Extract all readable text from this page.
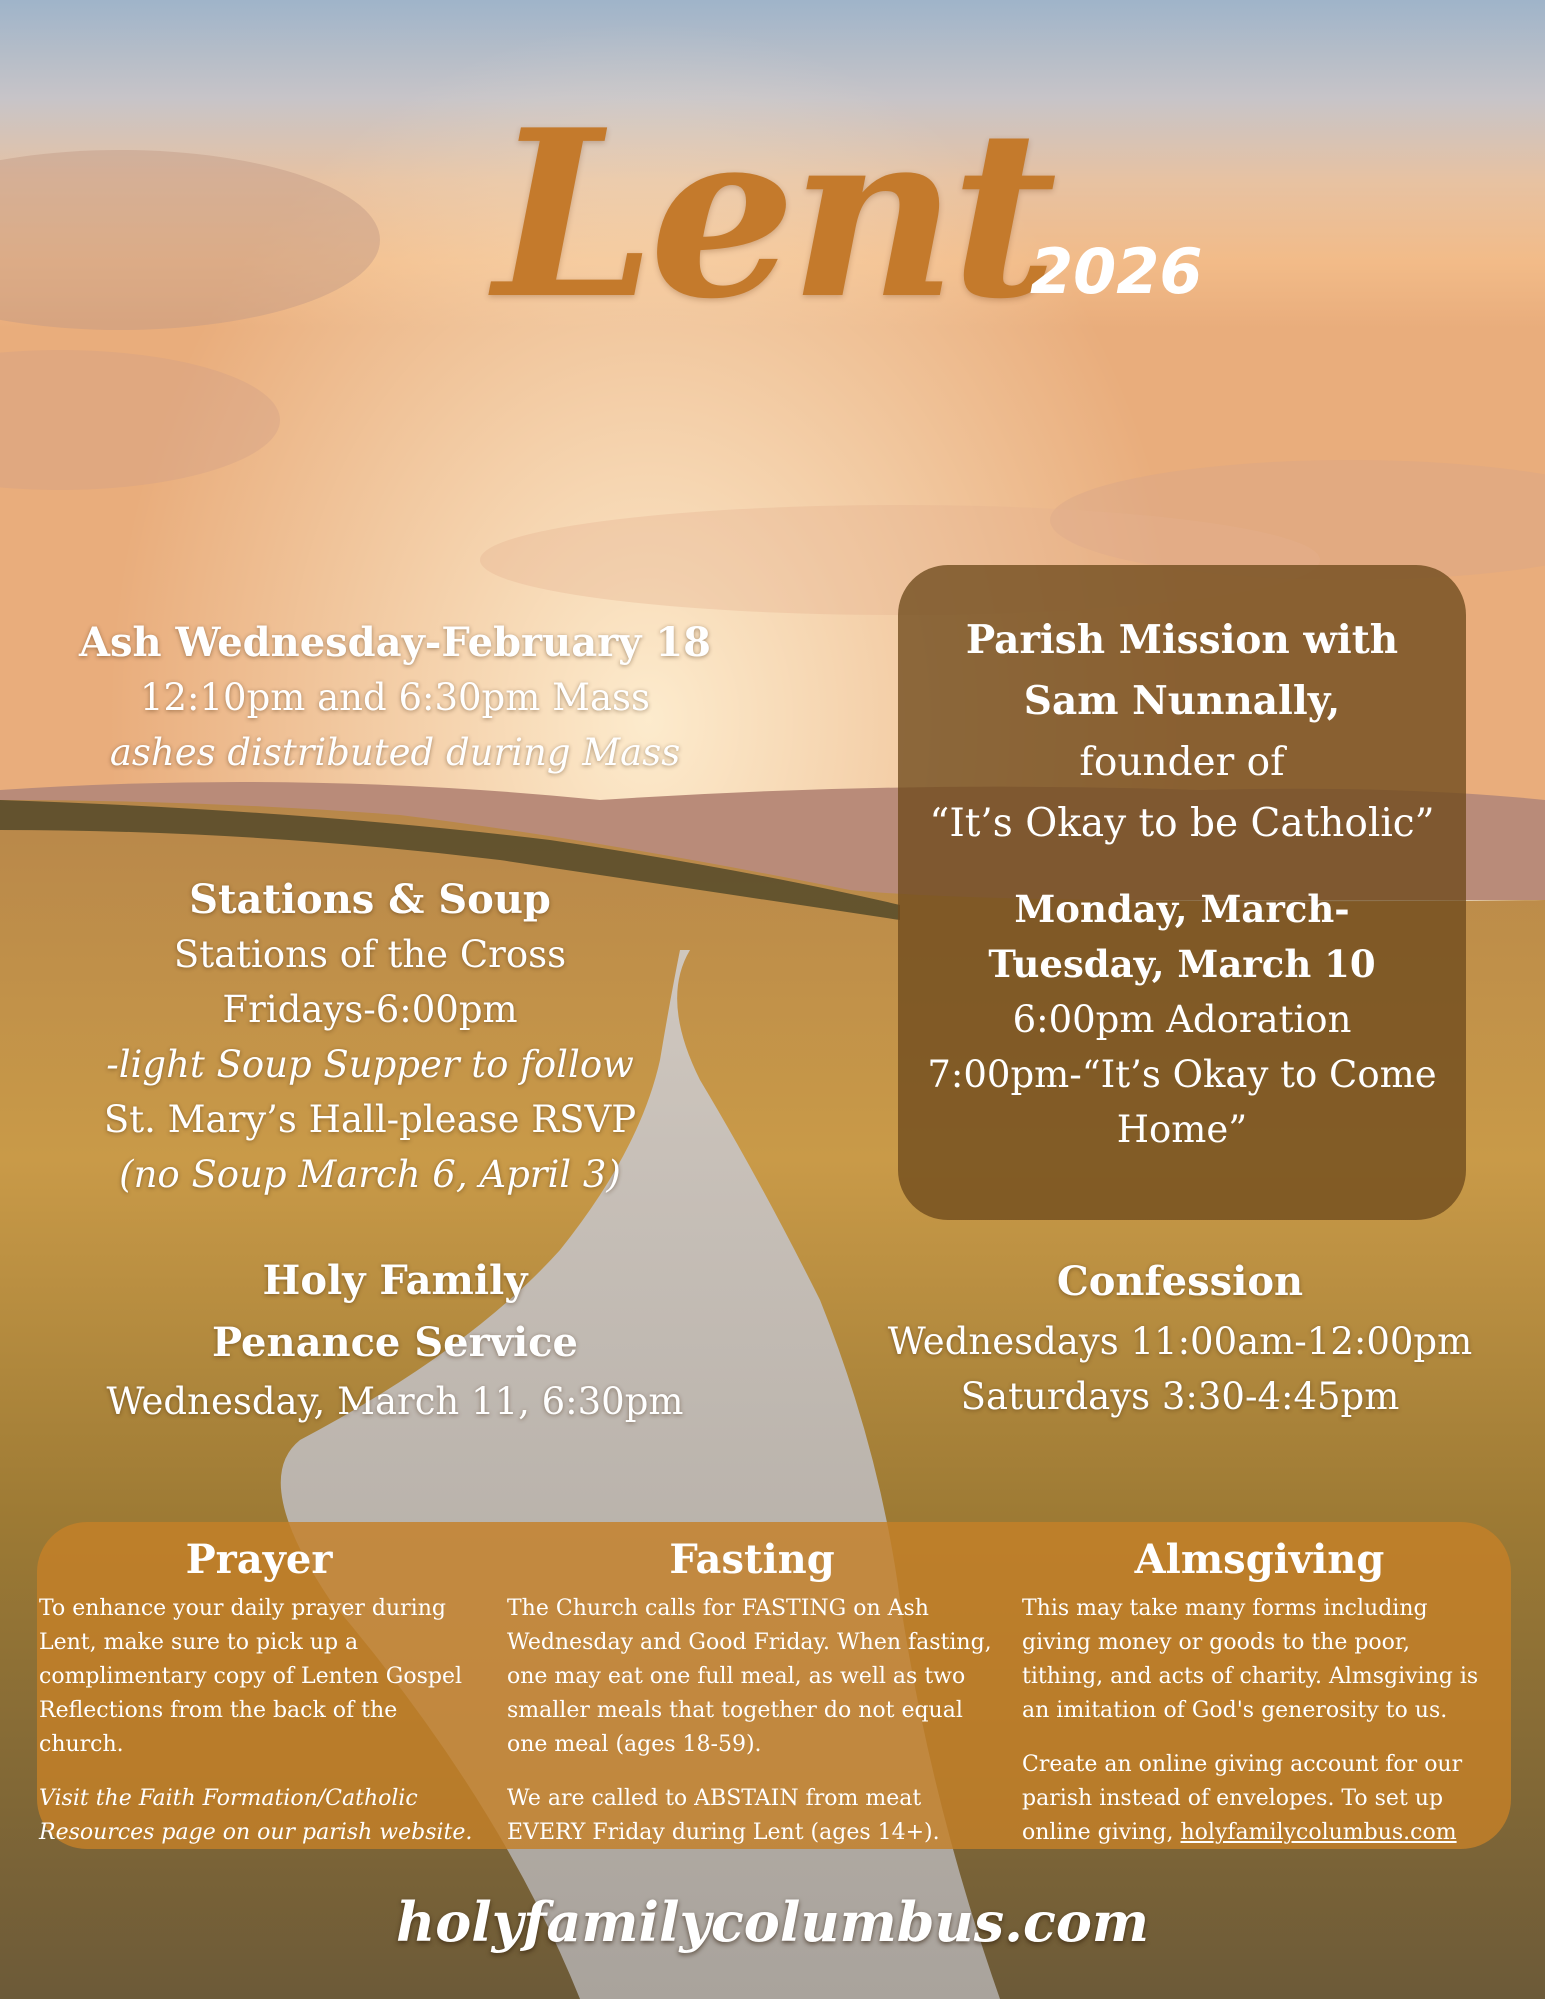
Lent
2026
Ash Wednesday-February 18
12:10pm and 6:30pm Mass
ashes distributed during Mass
Stations & Soup
Stations of the Cross
Fridays-6:00pm
-light Soup Supper to follow
St. Mary’s Hall-please RSVP
(no Soup March 6, April 3)
Holy Family
Penance Service
Wednesday, March 11, 6:30pm
Parish Mission with
Sam Nunnally,
founder of
“It’s Okay to be Catholic”
Monday, March-
Tuesday, March 10
6:00pm Adoration
7:00pm-“It’s Okay to Come
Home”
Confession
Wednesdays 11:00am-12:00pm
Saturdays 3:30-4:45pm
Prayer

To enhance your daily prayer during Lent, make sure to pick up a complimentary copy of Lenten Gospel Reflections from the back of the church.

Visit the Faith Formation/Catholic Resources page on our parish website.

Fasting

The Church calls for FASTING on Ash Wednesday and Good Friday. When fasting, one may eat one full meal, as well as two smaller meals that together do not equal one meal (ages 18-59).

We are called to ABSTAIN from meat EVERY Friday during Lent (ages 14+).

Almsgiving

This may take many forms including giving money or goods to the poor, tithing, and acts of charity. Almsgiving is an imitation of God's generosity to us.

Create an online giving account for our parish instead of envelopes. To set up online giving, holyfamilycolumbus.com

holyfamilycolumbus.com
